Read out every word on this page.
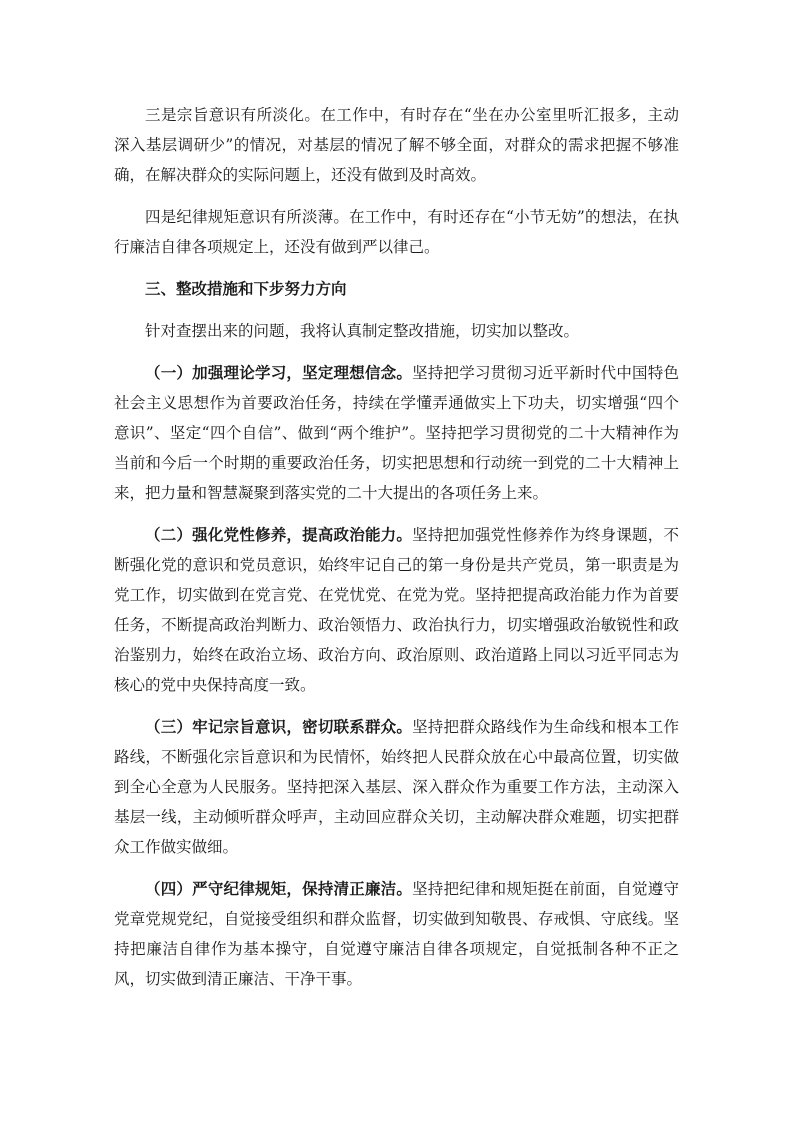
三是宗旨意识有所淡化。在工作中，有时存在“坐在办公室里听汇报多，主动深入基层调研少”的情况，对基层的情况了解不够全面，对群众的需求把握不够准确，在解决群众的实际问题上，还没有做到及时高效。

四是纪律规矩意识有所淡薄。在工作中，有时还存在“小节无妨”的想法，在执行廉洁自律各项规定上，还没有做到严以律己。

三、整改措施和下步努力方向

针对查摆出来的问题，我将认真制定整改措施，切实加以整改。

（一）加强理论学习，坚定理想信念。坚持把学习贯彻习近平新时代中国特色社会主义思想作为首要政治任务，持续在学懂弄通做实上下功夫，切实增强“四个意识”、坚定“四个自信”、做到“两个维护”。坚持把学习贯彻党的二十大精神作为当前和今后一个时期的重要政治任务，切实把思想和行动统一到党的二十大精神上来，把力量和智慧凝聚到落实党的二十大提出的各项任务上来。

（二）强化党性修养，提高政治能力。坚持把加强党性修养作为终身课题，不断强化党的意识和党员意识，始终牢记自己的第一身份是共产党员，第一职责是为党工作，切实做到在党言党、在党忧党、在党为党。坚持把提高政治能力作为首要任务，不断提高政治判断力、政治领悟力、政治执行力，切实增强政治敏锐性和政治鉴别力，始终在政治立场、政治方向、政治原则、政治道路上同以习近平同志为核心的党中央保持高度一致。

（三）牢记宗旨意识，密切联系群众。坚持把群众路线作为生命线和根本工作路线，不断强化宗旨意识和为民情怀，始终把人民群众放在心中最高位置，切实做到全心全意为人民服务。坚持把深入基层、深入群众作为重要工作方法，主动深入基层一线，主动倾听群众呼声，主动回应群众关切，主动解决群众难题，切实把群众工作做实做细。

（四）严守纪律规矩，保持清正廉洁。坚持把纪律和规矩挺在前面，自觉遵守党章党规党纪，自觉接受组织和群众监督，切实做到知敬畏、存戒惧、守底线。坚持把廉洁自律作为基本操守，自觉遵守廉洁自律各项规定，自觉抵制各种不正之风，切实做到清正廉洁、干净干事。
